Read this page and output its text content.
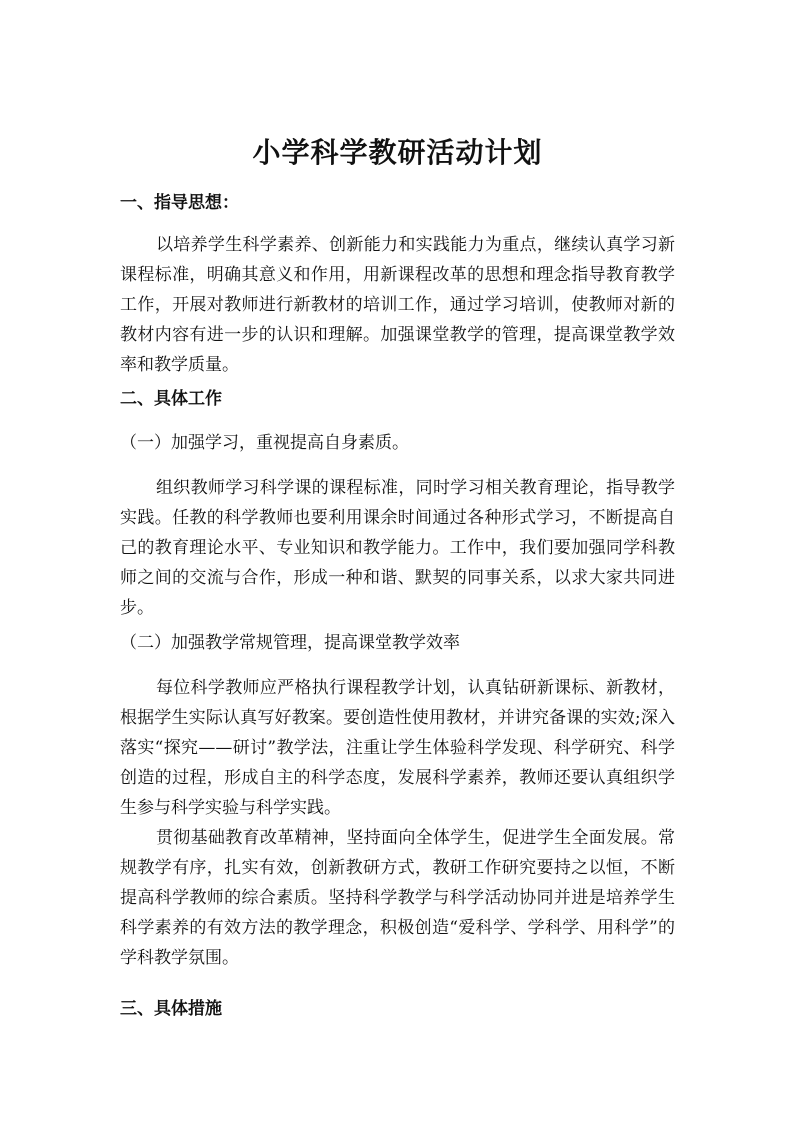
小学科学教研活动计划
一、指导思想：

以培养学生科学素养、创新能力和实践能力为重点，继续认真学习新课程标准，明确其意义和作用，用新课程改革的思想和理念指导教育教学工作，开展对教师进行新教材的培训工作，通过学习培训，使教师对新的教材内容有进一步的认识和理解。加强课堂教学的管理，提高课堂教学效率和教学质量。

二、具体工作

（一）加强学习，重视提高自身素质。

组织教师学习科学课的课程标准，同时学习相关教育理论，指导教学实践。任教的科学教师也要利用课余时间通过各种形式学习，不断提高自己的教育理论水平、专业知识和教学能力。工作中，我们要加强同学科教师之间的交流与合作，形成一种和谐、默契的同事关系，以求大家共同进步。

（二）加强教学常规管理，提高课堂教学效率

每位科学教师应严格执行课程教学计划，认真钻研新课标、新教材，根据学生实际认真写好教案。要创造性使用教材，并讲究备课的实效;深入落实“探究——研讨”教学法，注重让学生体验科学发现、科学研究、科学创造的过程，形成自主的科学态度，发展科学素养，教师还要认真组织学生参与科学实验与科学实践。

贯彻基础教育改革精神，坚持面向全体学生，促进学生全面发展。常规教学有序，扎实有效，创新教研方式，教研工作研究要持之以恒，不断提高科学教师的综合素质。坚持科学教学与科学活动协同并进是培养学生科学素养的有效方法的教学理念，积极创造“爱科学、学科学、用科学”的学科教学氛围。

三、具体措施
